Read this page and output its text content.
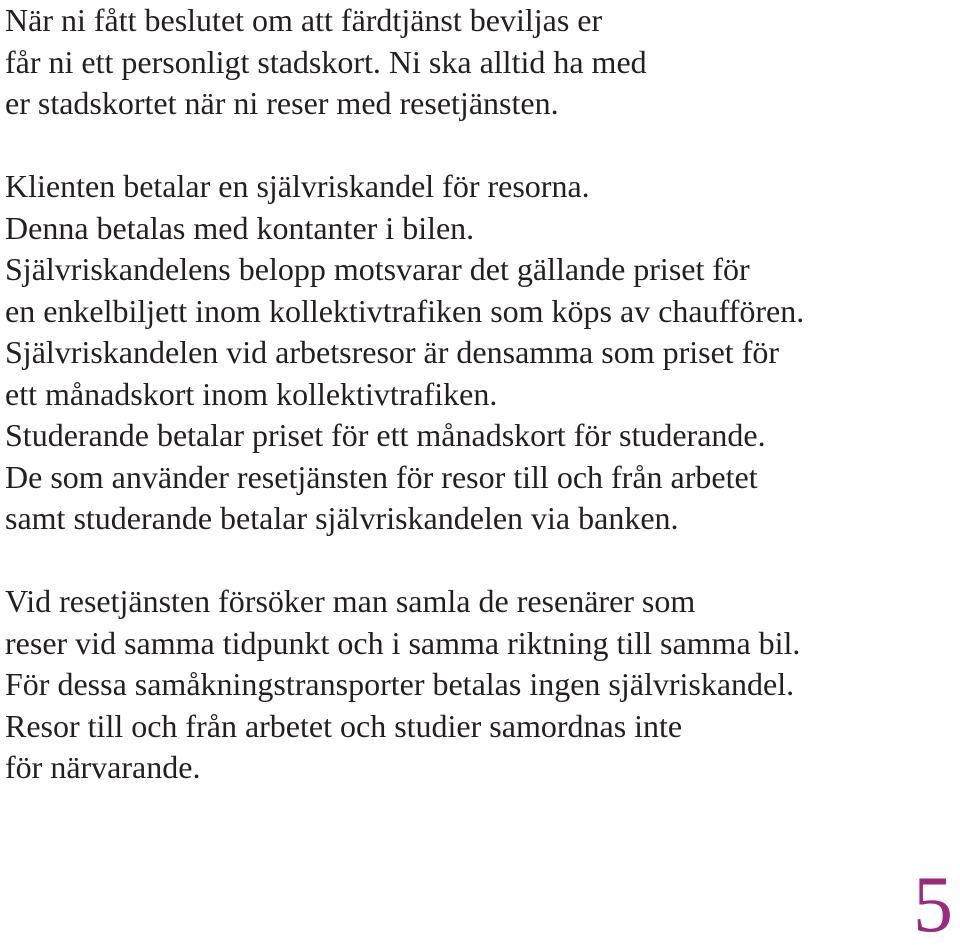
När ni fått beslutet om att färdtjänst beviljas er
får ni ett personligt stadskort. Ni ska alltid ha med
er stadskortet när ni reser med resetjänsten.

Klienten betalar en självriskandel för resorna.
Denna betalas med kontanter i bilen.
Självriskandelens belopp motsvarar det gällande priset för
en enkelbiljett inom kollektivtrafiken som köps av chauffören.
Självriskandelen vid arbetsresor är densamma som priset för
ett månadskort inom kollektivtrafiken.
Studerande betalar priset för ett månadskort för studerande.
De som använder resetjänsten för resor till och från arbetet
samt studerande betalar självriskandelen via banken.

Vid resetjänsten försöker man samla de resenärer som
reser vid samma tidpunkt och i samma riktning till samma bil.
För dessa samåkningstransporter betalas ingen självriskandel.
Resor till och från arbetet och studier samordnas inte
för närvarande.

5
